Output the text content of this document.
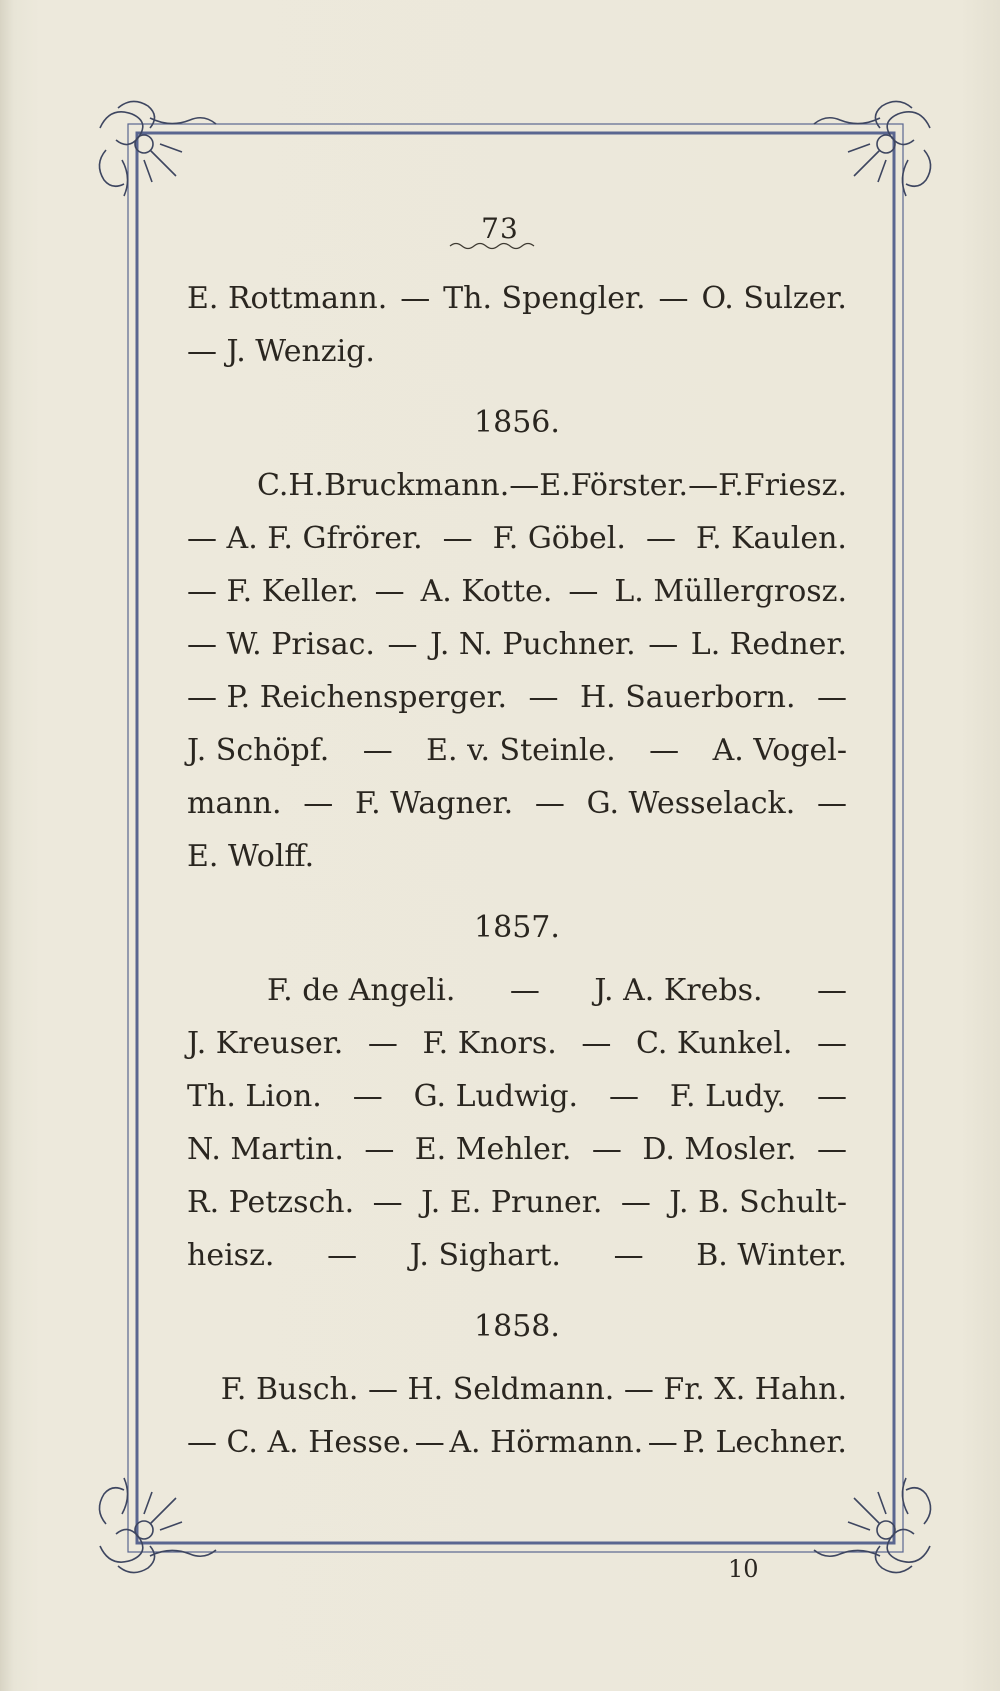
73
E. Rottmann. — Th. Spengler. — O. Sulzer.
— J. Wenzig.
1856.
C.H.Bruckmann.—E.Förster.—F.Friesz.
— A. F. Gfrörer. — F. Göbel. — F. Kaulen.
— F. Keller. — A. Kotte. — L. Müllergrosz.
— W. Prisac. — J. N. Puchner. — L. Redner.
— P. Reichensperger. — H. Sauerborn. —
J. Schöpf. — E. v. Steinle. — A. Vogel-
mann. — F. Wagner. — G. Wesselack. —
E. Wolff.
1857.
F. de Angeli. — J. A. Krebs. —
J. Kreuser. — F. Knors. — C. Kunkel. —
Th. Lion. — G. Ludwig. — F. Ludy. —
N. Martin. — E. Mehler. — D. Mosler. —
R. Petzsch. — J. E. Pruner. — J. B. Schult-
heisz. — J. Sighart. — B. Winter.
1858.
F. Busch. — H. Seldmann. — Fr. X. Hahn.
— C. A. Hesse. — A. Hörmann. — P. Lechner.
10
